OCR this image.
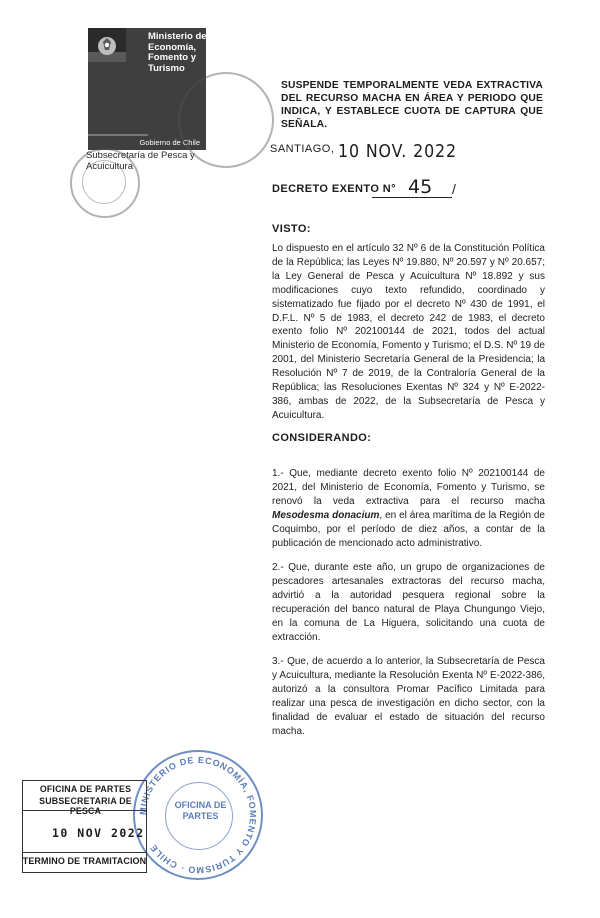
Ministerio de
Economía,
Fomento y
Turismo
Gobierno de Chile
Subsecretaría de Pesca y Acuicultura
SUSPENDE TEMPORALMENTE VEDA EXTRACTIVA DEL RECURSO MACHA EN ÁREA Y PERIODO QUE INDICA, Y ESTABLECE CUOTA DE CAPTURA QUE SEÑALA.
SANTIAGO, 10 NOV. 2022
DECRETO EXENTO N° 45 /
VISTO:
Lo dispuesto en el artículo 32 Nº 6 de la Constitución Política de la República; las Leyes Nº 19.880, Nº 20.597 y Nº 20.657; la Ley General de Pesca y Acuicultura Nº 18.892 y sus modificaciones cuyo texto refundido, coordinado y sistematizado fue fijado por el decreto Nº 430 de 1991, el D.F.L. Nº 5 de 1983, el decreto 242 de 1983, el decreto exento folio Nº 202100144 de 2021, todos del actual Ministerio de Economía, Fomento y Turismo; el D.S. Nº 19 de 2001, del Ministerio Secretaría General de la Presidencia; la Resolución Nº 7 de 2019, de la Contraloría General de la República; las Resoluciones Exentas Nº 324 y Nº E-2022-386, ambas de 2022, de la Subsecretaría de Pesca y Acuicultura.
CONSIDERANDO:
1.- Que, mediante decreto exento folio Nº 202100144 de 2021, del Ministerio de Economía, Fomento y Turismo, se renovó la veda extractiva para el recurso macha Mesodesma donacium, en el área marítima de la Región de Coquimbo, por el período de diez años, a contar de la publicación de mencionado acto administrativo.
2.- Que, durante este año, un grupo de organizaciones de pescadores artesanales extractoras del recurso macha, advirtió a la autoridad pesquera regional sobre la recuperación del banco natural de Playa Chungungo Viejo, en la comuna de La Higuera, solicitando una cuota de extracción.
3.- Que, de acuerdo a lo anterior, la Subsecretaría de Pesca y Acuicultura, mediante la Resolución Exenta Nº E-2022-386, autorizó a la consultora Promar Pacífico Limitada para realizar una pesca de investigación en dicho sector, con la finalidad de evaluar el estado de situación del recurso macha.
MINISTERIO DE ECONOMÍA, FOMENTO Y TURISMO · CHILE
OFICINA DE PARTES
OFICINA DE PARTES
SUBSECRETARIA DE PESCA
10 NOV 2022
TERMINO DE TRAMITACION
